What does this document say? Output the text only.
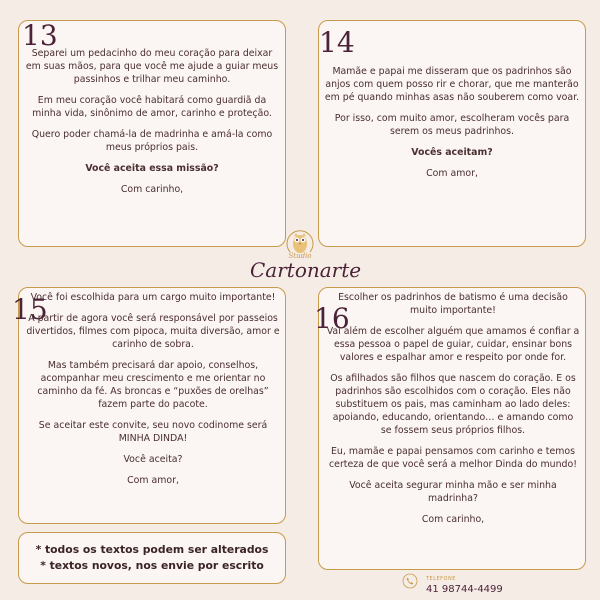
13

Separei um pedacinho do meu coração para deixar em suas mãos, para que você me ajude a guiar meus passinhos e trilhar meu caminho.

Em meu coração você habitará como guardiã da minha vida, sinônimo de amor, carinho e proteção.

Quero poder chamá-la de madrinha e amá-la como meus próprios pais.

Você aceita essa missão?

Com carinho,

14

Mamãe e papai me disseram que os padrinhos são anjos com quem posso rir e chorar, que me manterão em pé quando minhas asas não souberem como voar.

Por isso, com muito amor, escolheram vocês para serem os meus padrinhos.

Vocês aceitam?

Com amor,

Studio
Cartonarte
15

Você foi escolhida para um cargo muito importante!

A partir de agora você será responsável por passeios divertidos, filmes com pipoca, muita diversão, amor e carinho de sobra.

Mas também precisará dar apoio, conselhos, acompanhar meu crescimento e me orientar no caminho da fé. As broncas e “puxões de orelhas” fazem parte do pacote.

Se aceitar este convite, seu novo codinome será MINHA DINDA!

Você aceita?

Com amor,

* todos os textos podem ser alterados
* textos novos, nos envie por escrito
16

Escolher os padrinhos de batismo é uma decisão muito importante!

Vai além de escolher alguém que amamos é confiar a essa pessoa o papel de guiar, cuidar, ensinar bons valores e espalhar amor e respeito por onde for.

Os afilhados são filhos que nascem do coração. E os padrinhos são escolhidos com o coração. Eles não substituem os pais, mas caminham ao lado deles: apoiando, educando, orientando… e amando como se fossem seus próprios filhos.

Eu, mamãe e papai pensamos com carinho e temos certeza de que você será a melhor Dinda do mundo!

Você aceita segurar minha mão e ser minha madrinha?

Com carinho,

TELEFONE
41 98744-4499
